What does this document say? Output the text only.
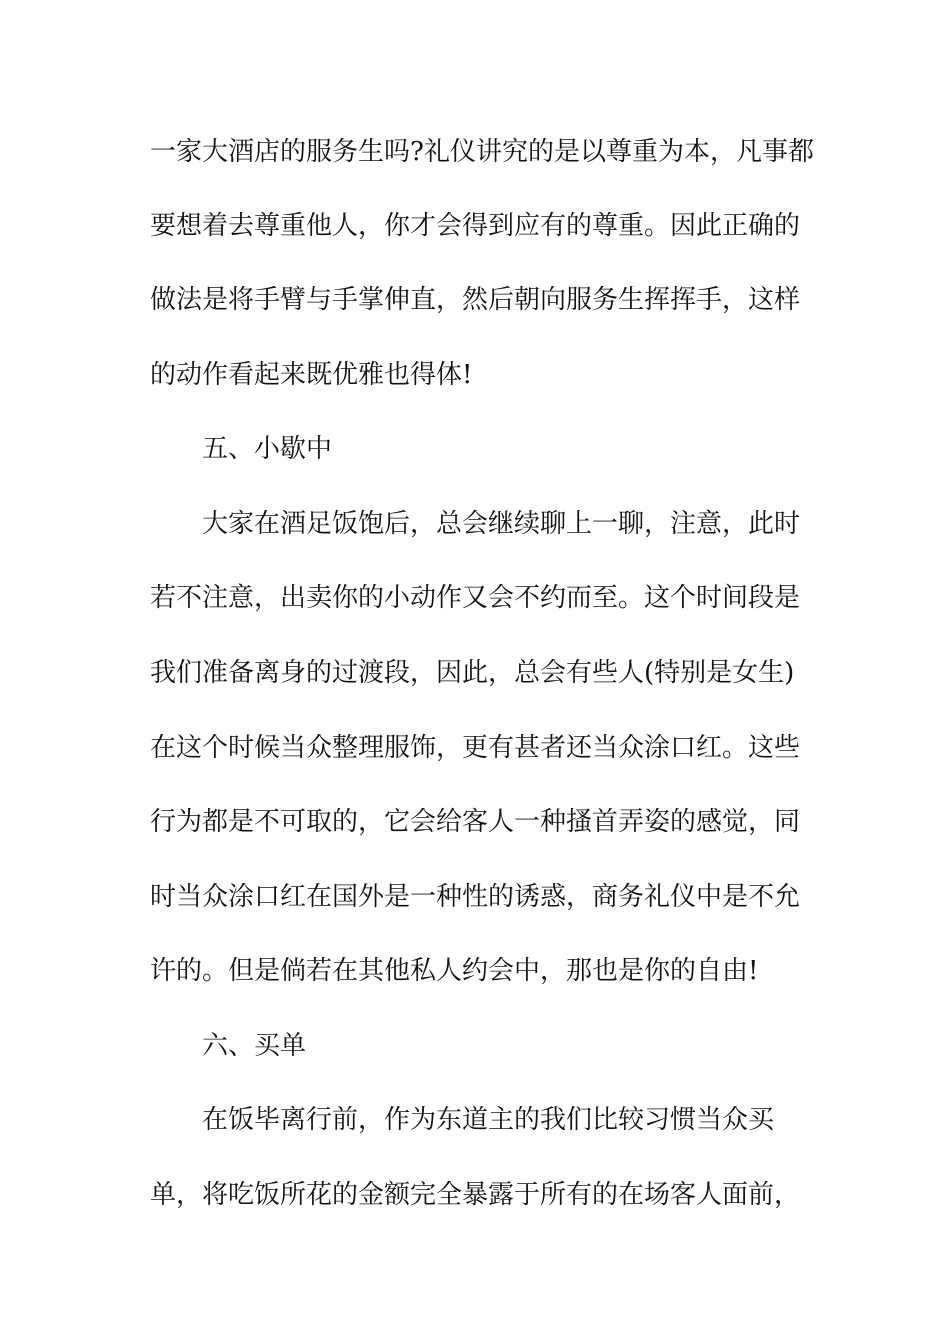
一家大酒店的服务生吗?礼仪讲究的是以尊重为本，凡事都
要想着去尊重他人，你才会得到应有的尊重。因此正确的
做法是将手臂与手掌伸直，然后朝向服务生挥挥手，这样
的动作看起来既优雅也得体!
五、小歇中
大家在酒足饭饱后，总会继续聊上一聊，注意，此时
若不注意，出卖你的小动作又会不约而至。这个时间段是
我们准备离身的过渡段，因此，总会有些人(特别是女生)
在这个时候当众整理服饰，更有甚者还当众涂口红。这些
行为都是不可取的，它会给客人一种搔首弄姿的感觉，同
时当众涂口红在国外是一种性的诱惑，商务礼仪中是不允
许的。但是倘若在其他私人约会中，那也是你的自由!
六、买单
在饭毕离行前，作为东道主的我们比较习惯当众买
单，将吃饭所花的金额完全暴露于所有的在场客人面前，
